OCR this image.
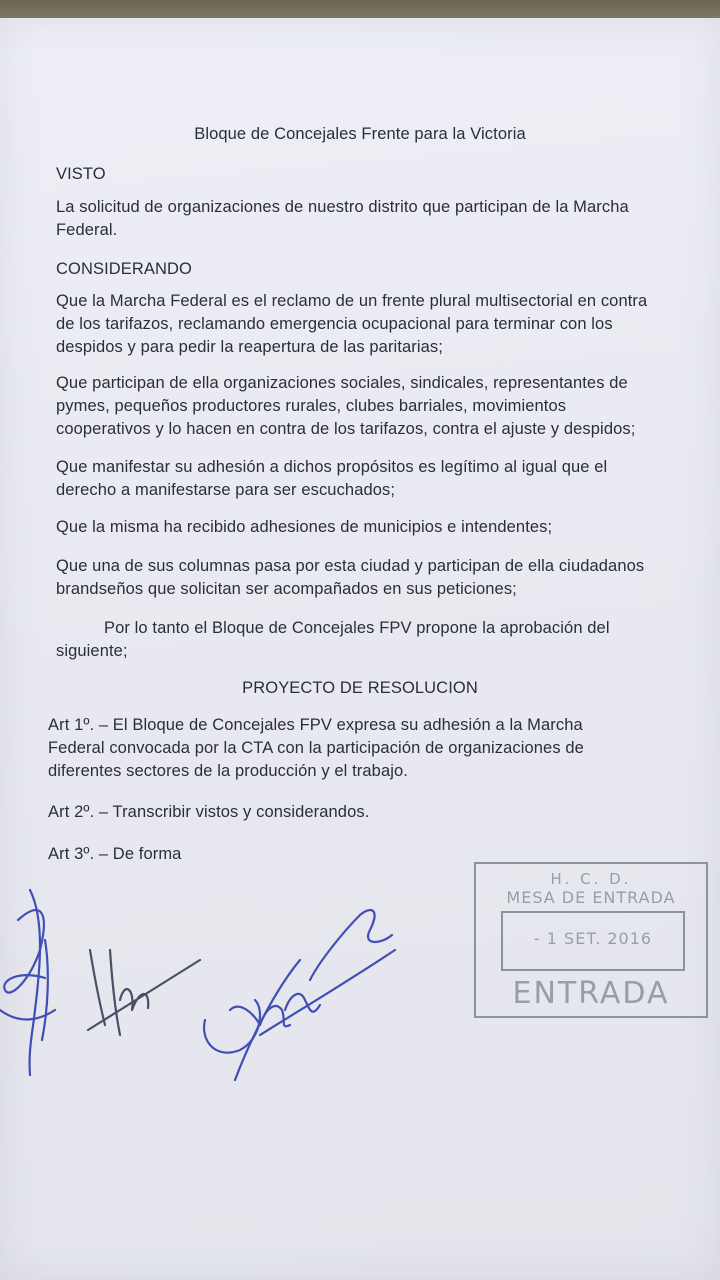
Bloque de Concejales Frente para la Victoria
VISTO
La solicitud de organizaciones de nuestro distrito que participan de la Marcha
Federal.
CONSIDERANDO
Que la Marcha Federal es el reclamo de un frente plural multisectorial en contra
de los tarifazos, reclamando emergencia ocupacional para terminar con los
despidos y para pedir la reapertura de las paritarias;
Que participan de ella organizaciones sociales, sindicales, representantes de
pymes, pequeños productores rurales, clubes barriales, movimientos
cooperativos y lo hacen en contra de los tarifazos, contra el ajuste y despidos;
Que manifestar su adhesión a dichos propósitos es legítimo al igual que el
derecho a manifestarse para ser escuchados;
Que la misma ha recibido adhesiones de municipios e intendentes;
Que una de sus columnas pasa por esta ciudad y participan de ella ciudadanos
brandseños que solicitan ser acompañados en sus peticiones;
Por lo tanto el Bloque de Concejales FPV propone la aprobación del
siguiente;
PROYECTO DE RESOLUCION
Art 1º. – El Bloque de Concejales FPV expresa su adhesión a la Marcha
Federal convocada por la CTA con la participación de organizaciones de
diferentes sectores de la producción y el trabajo.
Art 2º. – Transcribir vistos y considerandos.
Art 3º. – De forma
H. C. D.
MESA DE ENTRADA
- 1 SET. 2016
ENTRADA
